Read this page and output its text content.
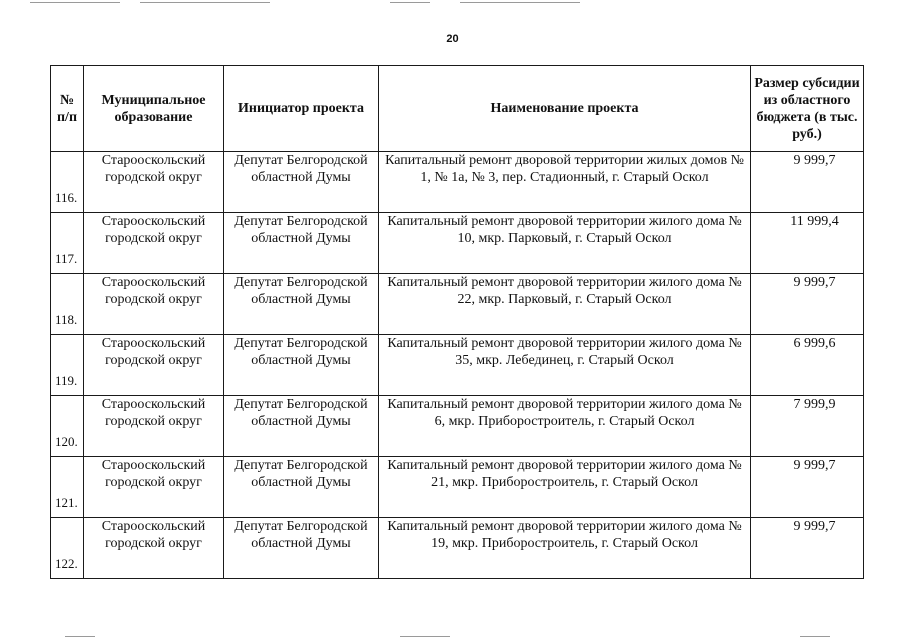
20
№ п/п	Муниципальное образование	Инициатор проекта	Наименование проекта	Размер субсидии из областного бюджета (в тыс. руб.)
116.	Старооскольский городской округ	Депутат Белгородской областной Думы	Капитальный ремонт дворовой территории жилых домов № 1, № 1а, № 3, пер. Стадионный, г. Старый Оскол	9 999,7
117.	Старооскольский городской округ	Депутат Белгородской областной Думы	Капитальный ремонт дворовой территории жилого дома № 10, мкр. Парковый, г. Старый Оскол	11 999,4
118.	Старооскольский городской округ	Депутат Белгородской областной Думы	Капитальный ремонт дворовой территории жилого дома № 22, мкр. Парковый, г. Старый Оскол	9 999,7
119.	Старооскольский городской округ	Депутат Белгородской областной Думы	Капитальный ремонт дворовой территории жилого дома № 35, мкр. Лебединец, г. Старый Оскол	6 999,6
120.	Старооскольский городской округ	Депутат Белгородской областной Думы	Капитальный ремонт дворовой территории жилого дома № 6, мкр. Приборостроитель, г. Старый Оскол	7 999,9
121.	Старооскольский городской округ	Депутат Белгородской областной Думы	Капитальный ремонт дворовой территории жилого дома № 21, мкр. Приборостроитель, г. Старый Оскол	9 999,7
122.	Старооскольский городской округ	Депутат Белгородской областной Думы	Капитальный ремонт дворовой территории жилого дома № 19, мкр. Приборостроитель, г. Старый Оскол	9 999,7
